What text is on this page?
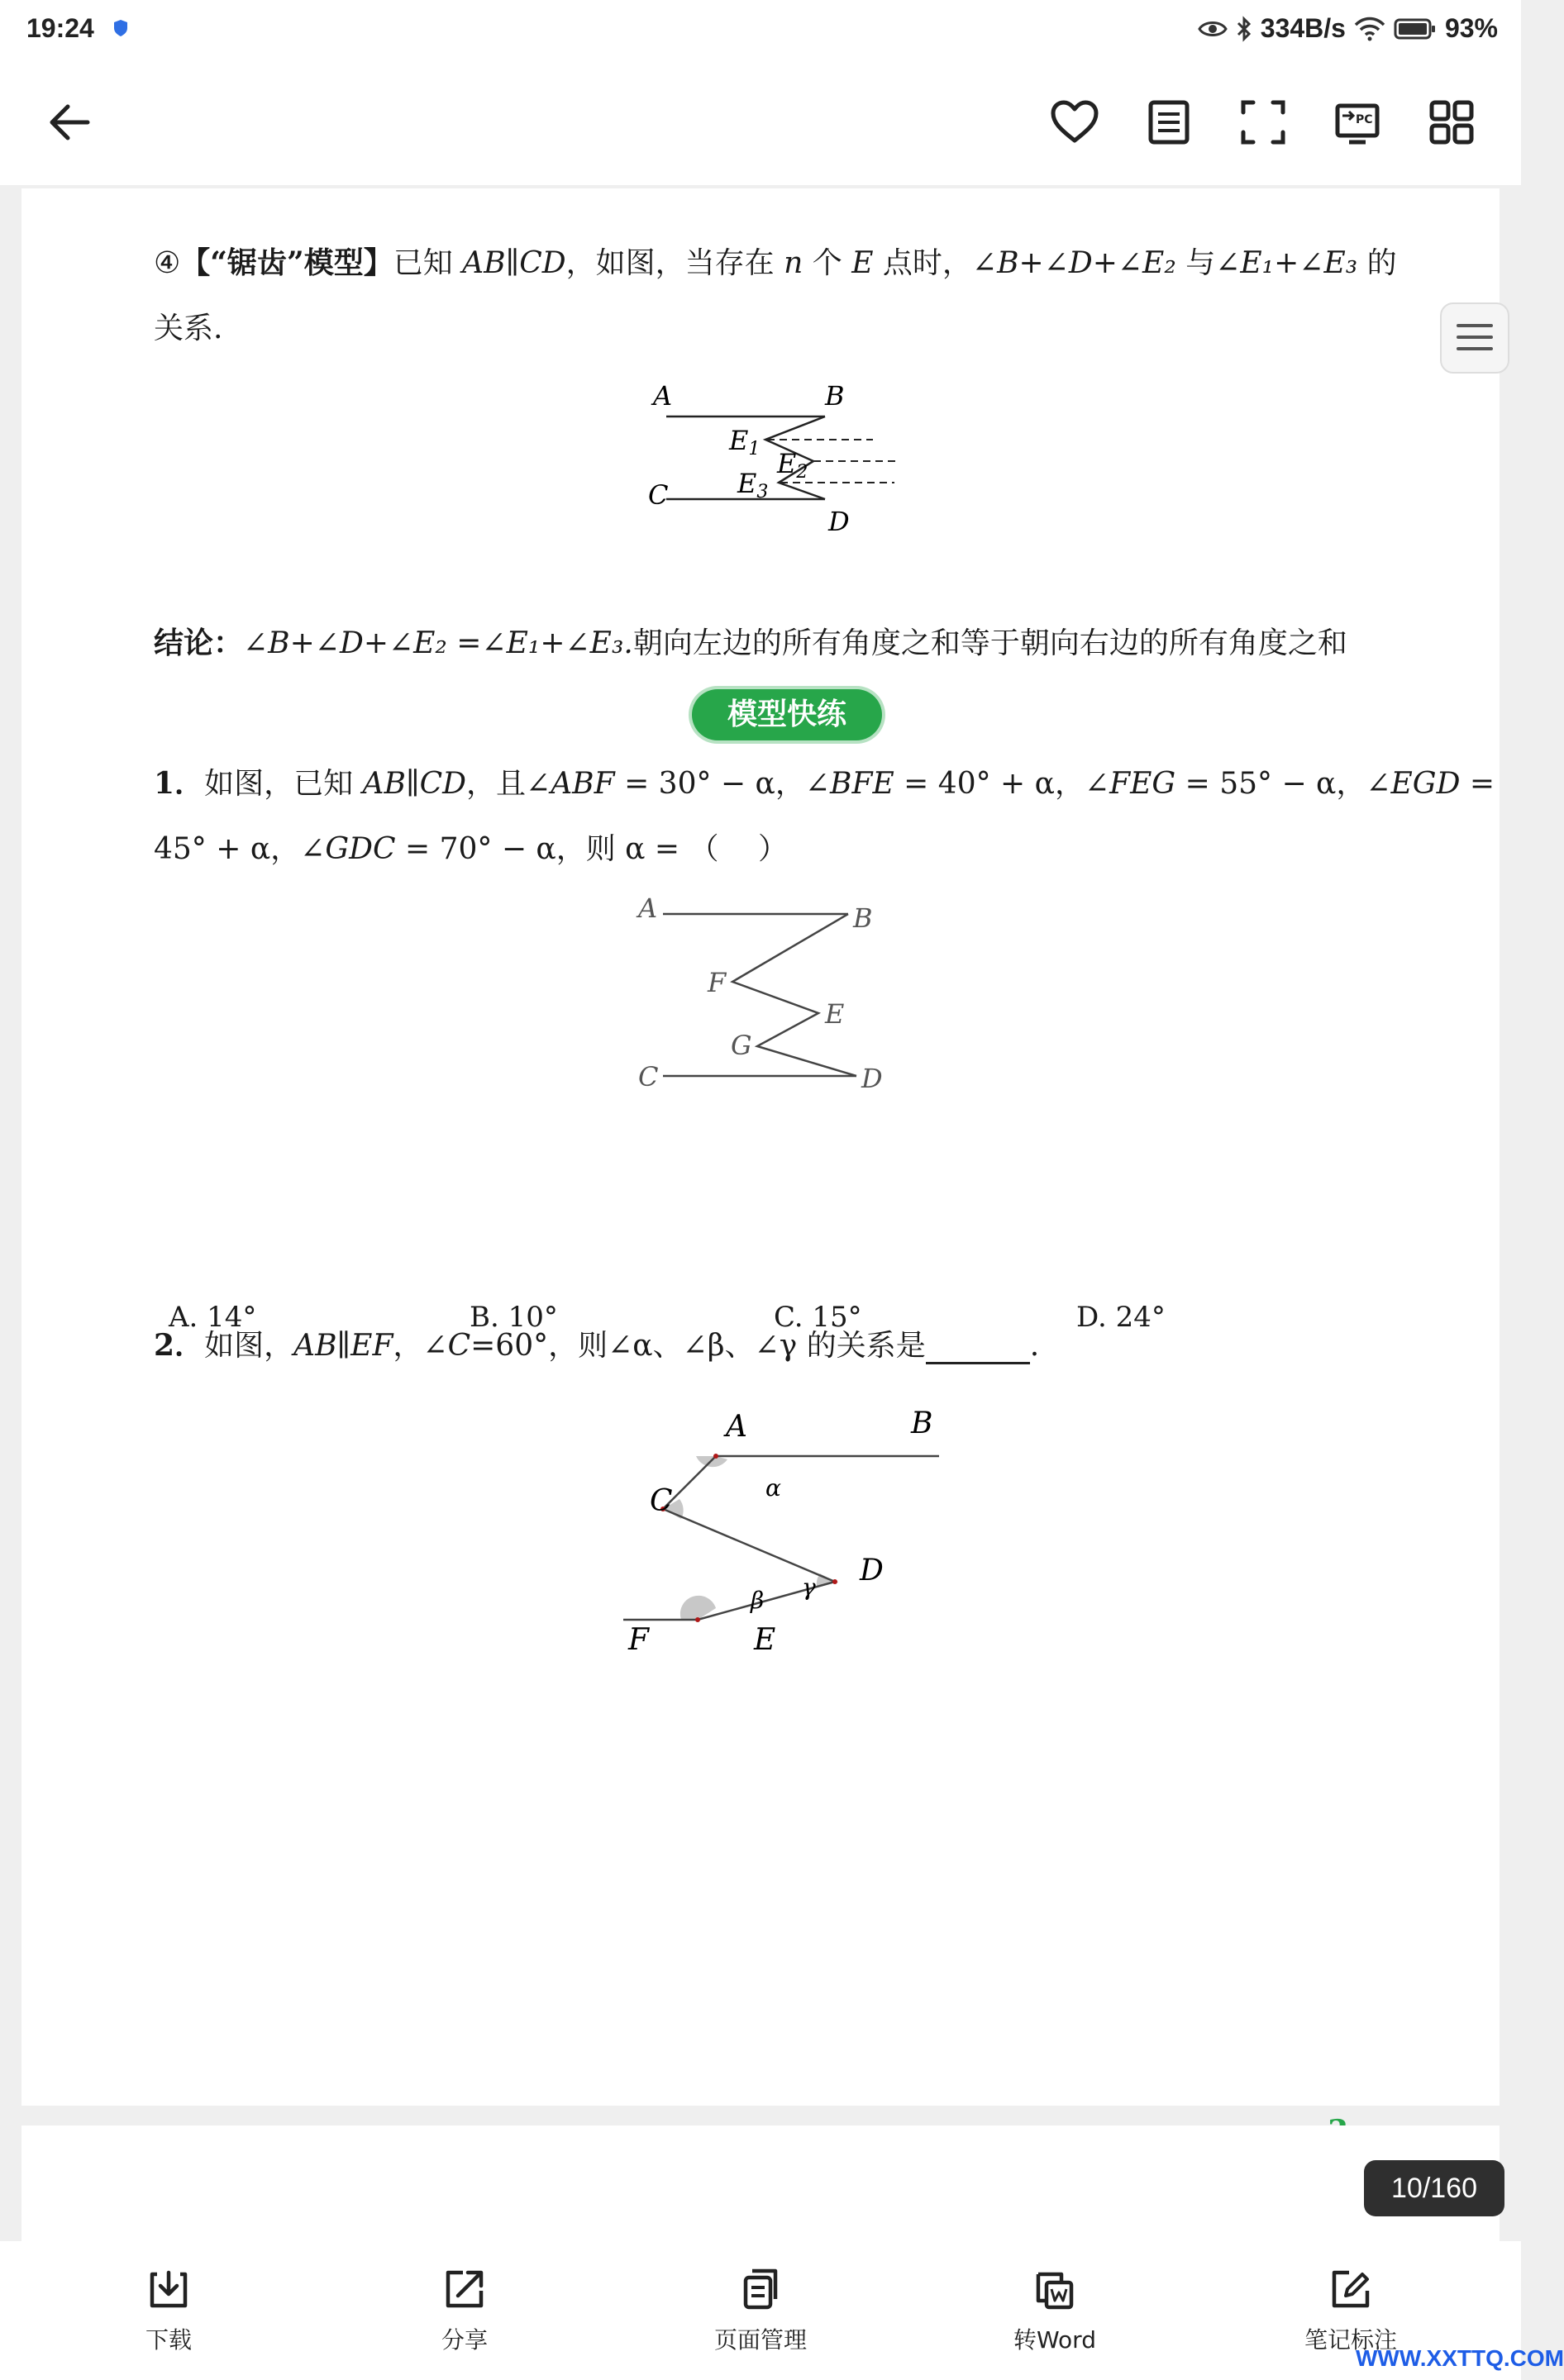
19:24	334B/s	93%
PC
④【“锯齿”模型】已知 AB∥CD，如图，当存在 n 个 E 点时，∠B+∠D+∠E₂ 与∠E₁+∠E₃ 的
关系.
A	B
E1 E2
E3
C
D
结论：∠B+∠D+∠E₂ =∠E₁+∠E₃.朝向左边的所有角度之和等于朝向右边的所有角度之和
模型快练
1．如图，已知 AB∥CD，且∠ABF = 30° − α，∠BFE = 40° + α，∠FEG = 55° − α，∠EGD =
45° + α，∠GDC = 70° − α，则 α = （　 ）
A	B
F
E
G
C	D
A. 14°	B. 10°	C. 15°	D. 24°
2．如图，AB∥EF，∠C=60°，则∠α、∠β、∠γ 的关系是	.
A	B
C
D
E
F
α
β γ
10/160
下载	分享	页面管理	转Word	笔记标注
WWW.XXTTQ.COM
